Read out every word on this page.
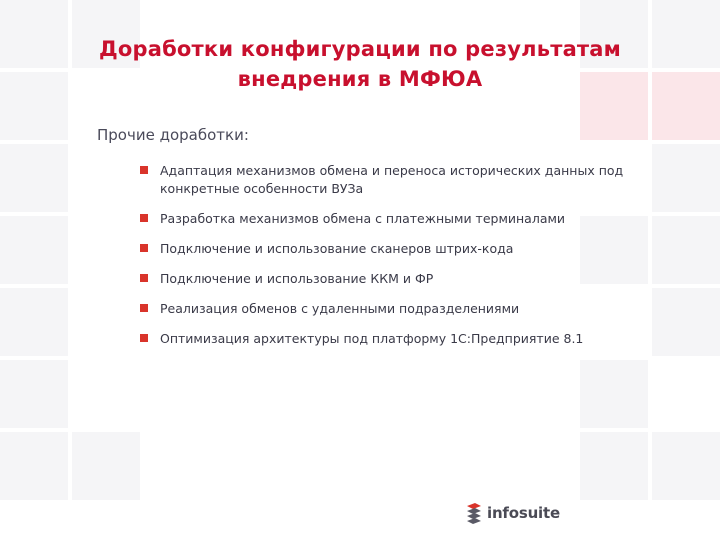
Доработки конфигурации по результатам внедрения в МФЮА
Прочие доработки:
Адаптация механизмов обмена и переноса исторических данных под конкретные особенности ВУЗа
Разработка механизмов обмена с платежными терминалами
Подключение и использование сканеров штрих-кода
Подключение и использование ККМ и ФР
Реализация обменов с удаленными подразделениями
Оптимизация архитектуры под платформу 1С:Предприятие 8.1
infosuite
